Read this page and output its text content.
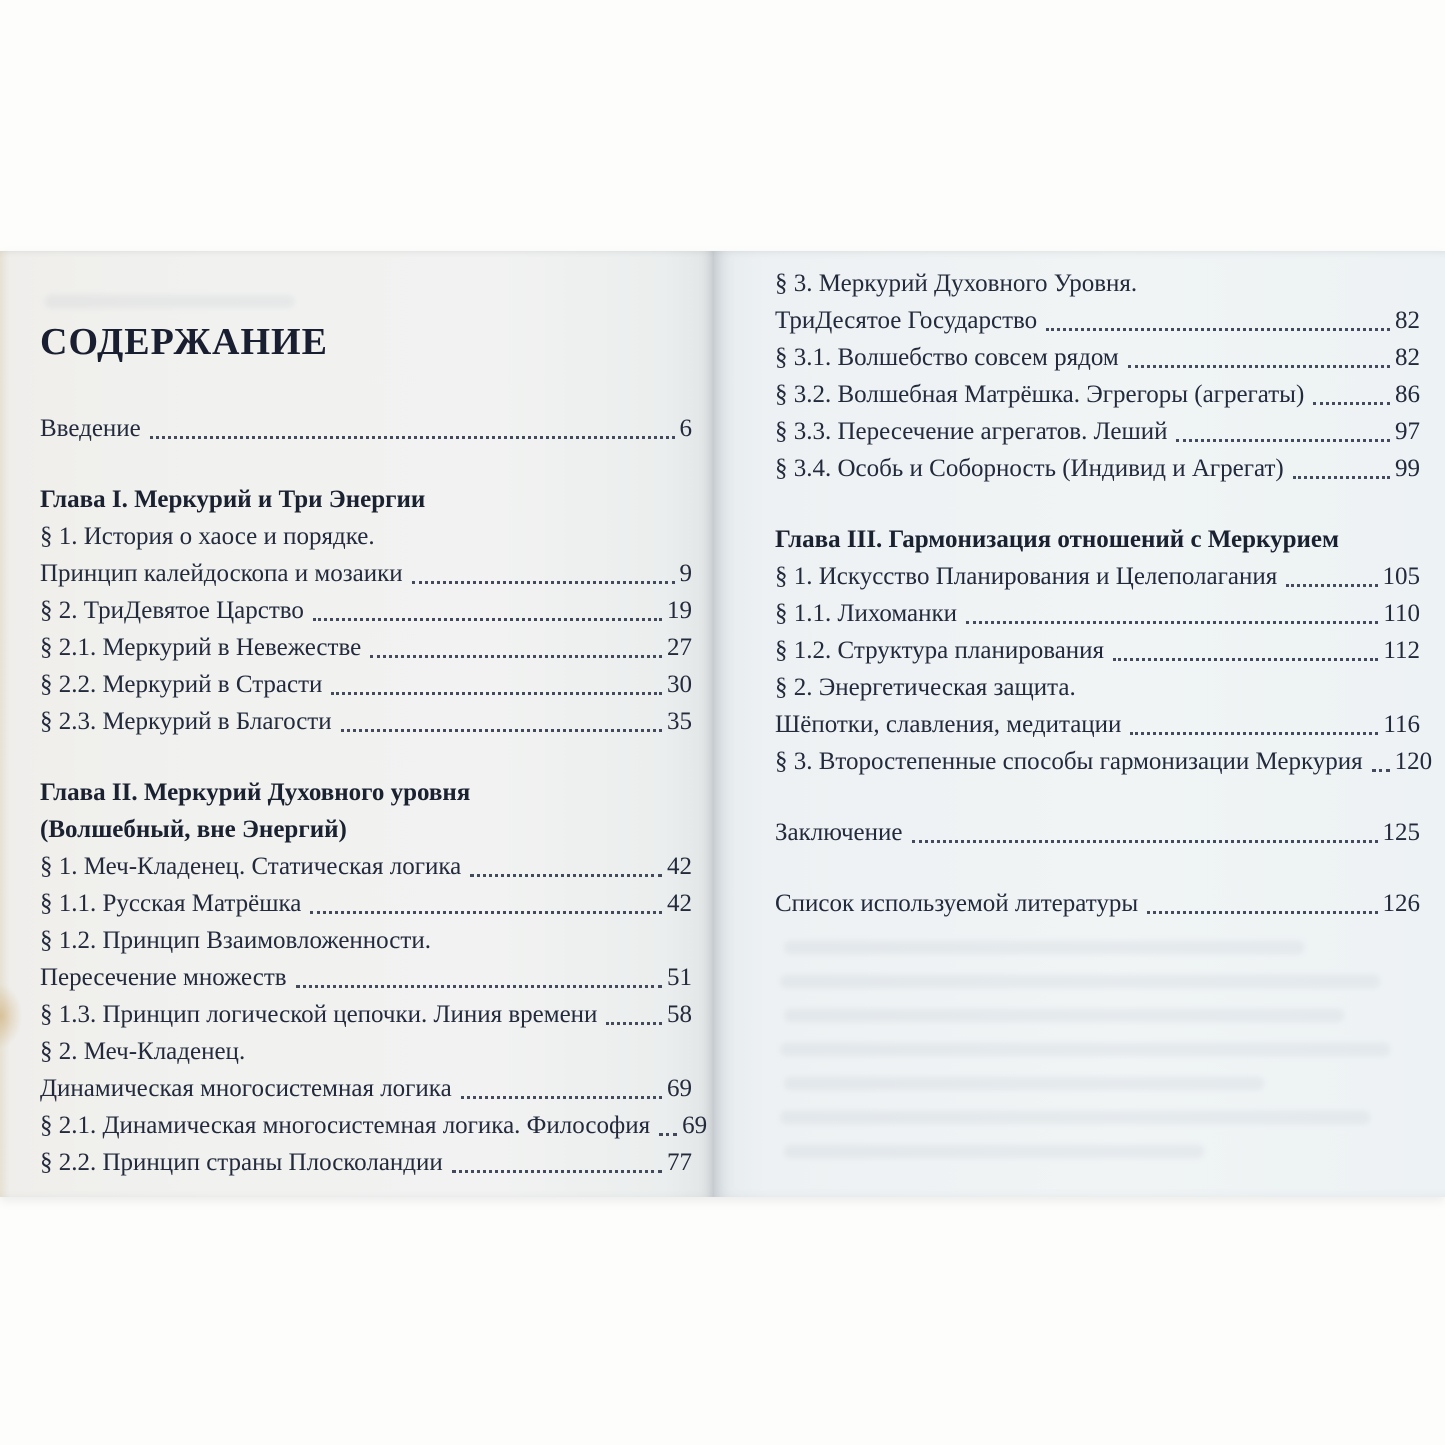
СОДЕРЖАНИЕ
Введение	6
Глава I. Меркурий и Три Энергии
§ 1. История о хаосе и порядке.
Принцип калейдоскопа и мозаики	9
§ 2. ТриДевятое Царство	19
§ 2.1. Меркурий в Невежестве	27
§ 2.2. Меркурий в Страсти	30
§ 2.3. Меркурий в Благости	35
Глава II. Меркурий Духовного уровня
(Волшебный, вне Энергий)
§ 1. Меч-Кладенец. Статическая логика	42
§ 1.1. Русская Матрёшка	42
§ 1.2. Принцип Взаимовложенности.
Пересечение множеств	51
§ 1.3. Принцип логической цепочки. Линия времени	58
§ 2. Меч-Кладенец.
Динамическая многосистемная логика	69
§ 2.1. Динамическая многосистемная логика. Философия 69
§ 2.2. Принцип страны Плосколандии	77
§ 3. Меркурий Духовного Уровня.
ТриДесятое Государство	82
§ 3.1. Волшебство совсем рядом	82
§ 3.2. Волшебная Матрёшка. Эгрегоры (агрегаты)	86
§ 3.3. Пересечение агрегатов. Леший	97
§ 3.4. Особь и Соборность (Индивид и Агрегат)	99
Глава III. Гармонизация отношений с Меркурием
§ 1. Искусство Планирования и Целеполагания	105
§ 1.1. Лихоманки	110
§ 1.2. Структура планирования	112
§ 2. Энергетическая защита.
Шёпотки, славления, медитации	116
§ 3. Второстепенные способы гармонизации Меркурия 120
Заключение	125
Список используемой литературы	126
